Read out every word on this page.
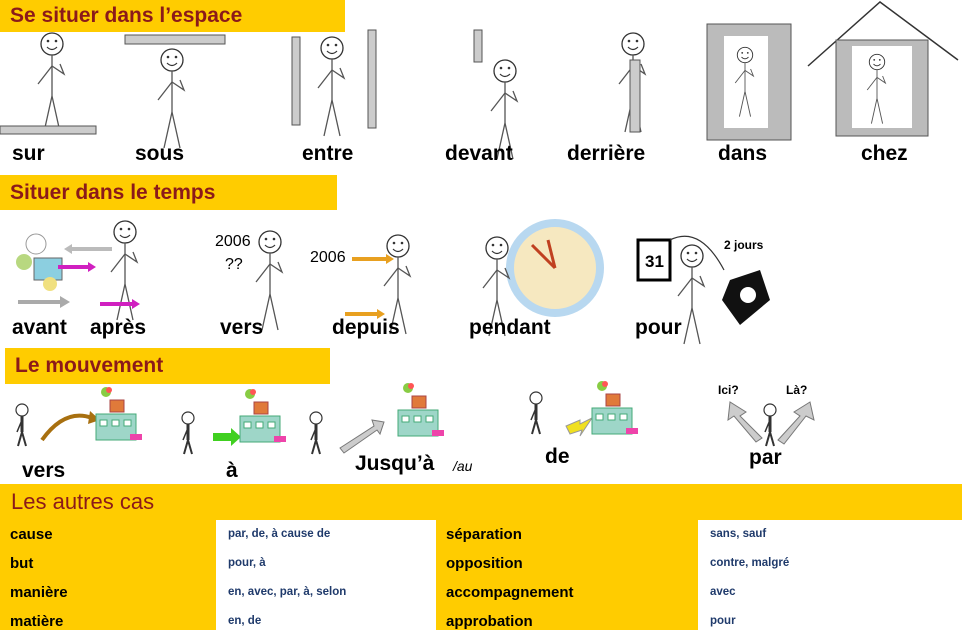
Se situer dans l’espace
Situer dans le temps
Le mouvement
31
sur	sous	entre	devant	derrière	dans	chez
avant après	vers	depuis	pendant	pour
2006
??	2006
2 jours
vers	à	Jusqu’à /au	de	par
Ici?	Là?
Les autres cas
cause	par, de, à cause de	séparation	sans, sauf
but	pour, à	opposition	contre, malgré
manière	en, avec, par, à, selon	accompagnement	avec
matière	en, de	approbation	pour
